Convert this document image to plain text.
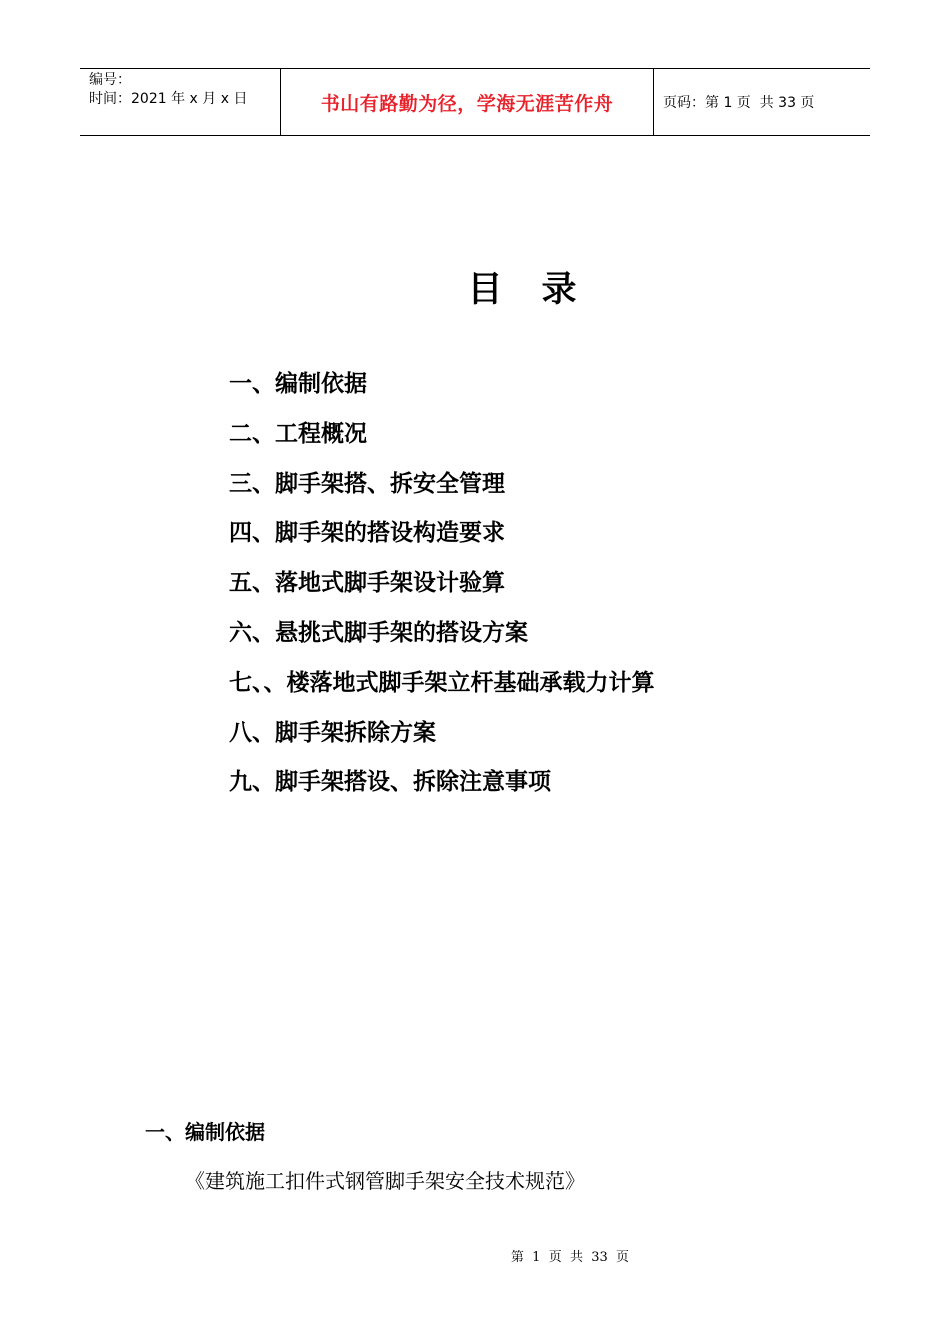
编号：
时间：2021 年 x 月 x 日	书山有路勤为径，学海无涯苦作舟	页码：第 1 页  共 33 页
目　录
一、编制依据
二、工程概况
三、脚手架搭、拆安全管理
四、脚手架的搭设构造要求
五、落地式脚手架设计验算
六、悬挑式脚手架的搭设方案
七、、楼落地式脚手架立杆基础承载力计算
八、脚手架拆除方案
九、脚手架搭设、拆除注意事项
一、编制依据

《建筑施工扣件式钢管脚手架安全技术规范》

第  1  页  共  33  页
